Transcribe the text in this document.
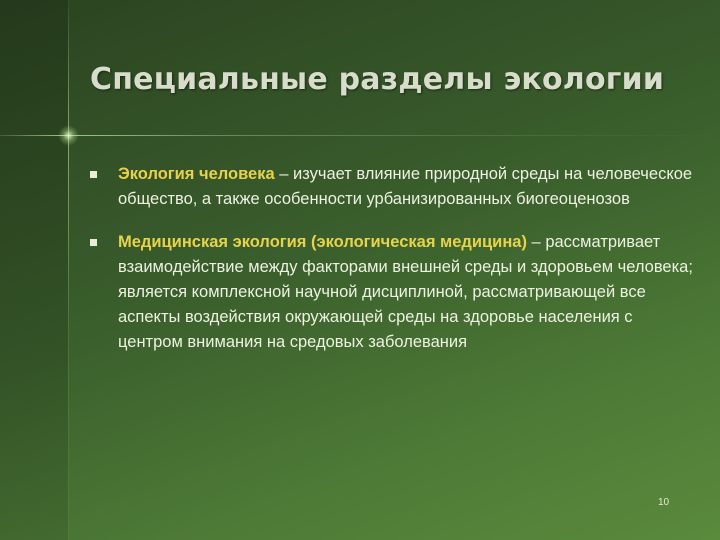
Специальные разделы экологии
Экология человека – изучает влияние природной среды на человеческое общество, а также особенности урбанизированных биогеоценозов
Медицинская экология (экологическая медицина) – рассматривает взаимодействие между факторами внешней среды и здоровьем человека; является комплексной научной дисциплиной, рассматривающей все аспекты воздействия окружающей среды на здоровье населения с центром внимания на средовых заболевания
10
